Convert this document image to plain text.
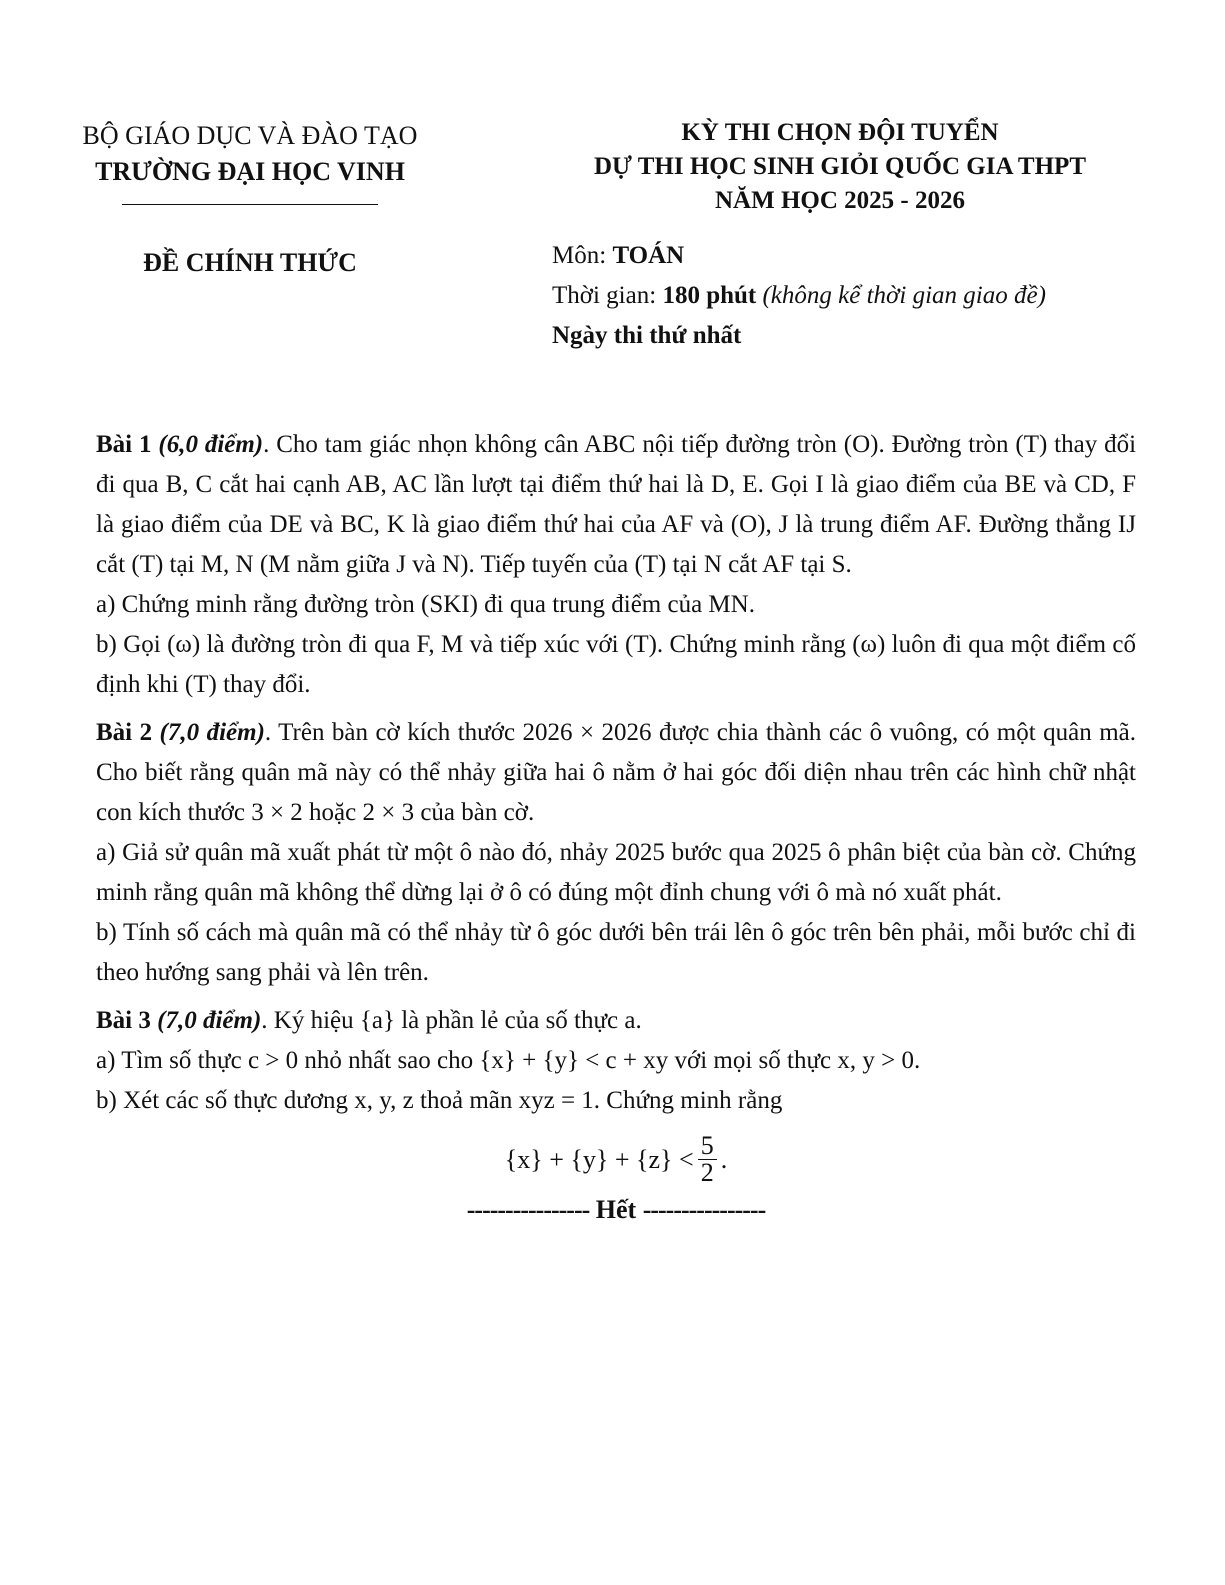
BỘ GIÁO DỤC VÀ ĐÀO TẠO
TRƯỜNG ĐẠI HỌC VINH
ĐỀ CHÍNH THỨC
KỲ THI CHỌN ĐỘI TUYỂN
DỰ THI HỌC SINH GIỎI QUỐC GIA THPT
NĂM HỌC 2025 - 2026
Môn: TOÁN
Thời gian: 180 phút (không kể thời gian giao đề)
Ngày thi thứ nhất

Bài 1 (6,0 điểm). Cho tam giác nhọn không cân ABC nội tiếp đường tròn (O). Đường tròn (T) thay đổi đi qua B, C cắt hai cạnh AB, AC lần lượt tại điểm thứ hai là D, E. Gọi I là giao điểm của BE và CD, F là giao điểm của DE và BC, K là giao điểm thứ hai của AF và (O), J là trung điểm AF. Đường thẳng IJ cắt (T) tại M, N (M nằm giữa J và N). Tiếp tuyến của (T) tại N cắt AF tại S.

a) Chứng minh rằng đường tròn (SKI) đi qua trung điểm của MN.

b) Gọi (ω) là đường tròn đi qua F, M và tiếp xúc với (T). Chứng minh rằng (ω) luôn đi qua một điểm cố định khi (T) thay đổi.

Bài 2 (7,0 điểm). Trên bàn cờ kích thước 2026 × 2026 được chia thành các ô vuông, có một quân mã. Cho biết rằng quân mã này có thể nhảy giữa hai ô nằm ở hai góc đối diện nhau trên các hình chữ nhật con kích thước 3 × 2 hoặc 2 × 3 của bàn cờ.

a) Giả sử quân mã xuất phát từ một ô nào đó, nhảy 2025 bước qua 2025 ô phân biệt của bàn cờ. Chứng minh rằng quân mã không thể dừng lại ở ô có đúng một đỉnh chung với ô mà nó xuất phát.

b) Tính số cách mà quân mã có thể nhảy từ ô góc dưới bên trái lên ô góc trên bên phải, mỗi bước chỉ đi theo hướng sang phải và lên trên.

Bài 3 (7,0 điểm). Ký hiệu {a} là phần lẻ của số thực a.

a) Tìm số thực c > 0 nhỏ nhất sao cho {x} + {y} < c + xy với mọi số thực x, y > 0.

b) Xét các số thực dương x, y, z thoả mãn xyz = 1. Chứng minh rằng

$\{x\} + \{y\} + \{z\} < \frac{5}{2}$ .
---------------- Hết ----------------
